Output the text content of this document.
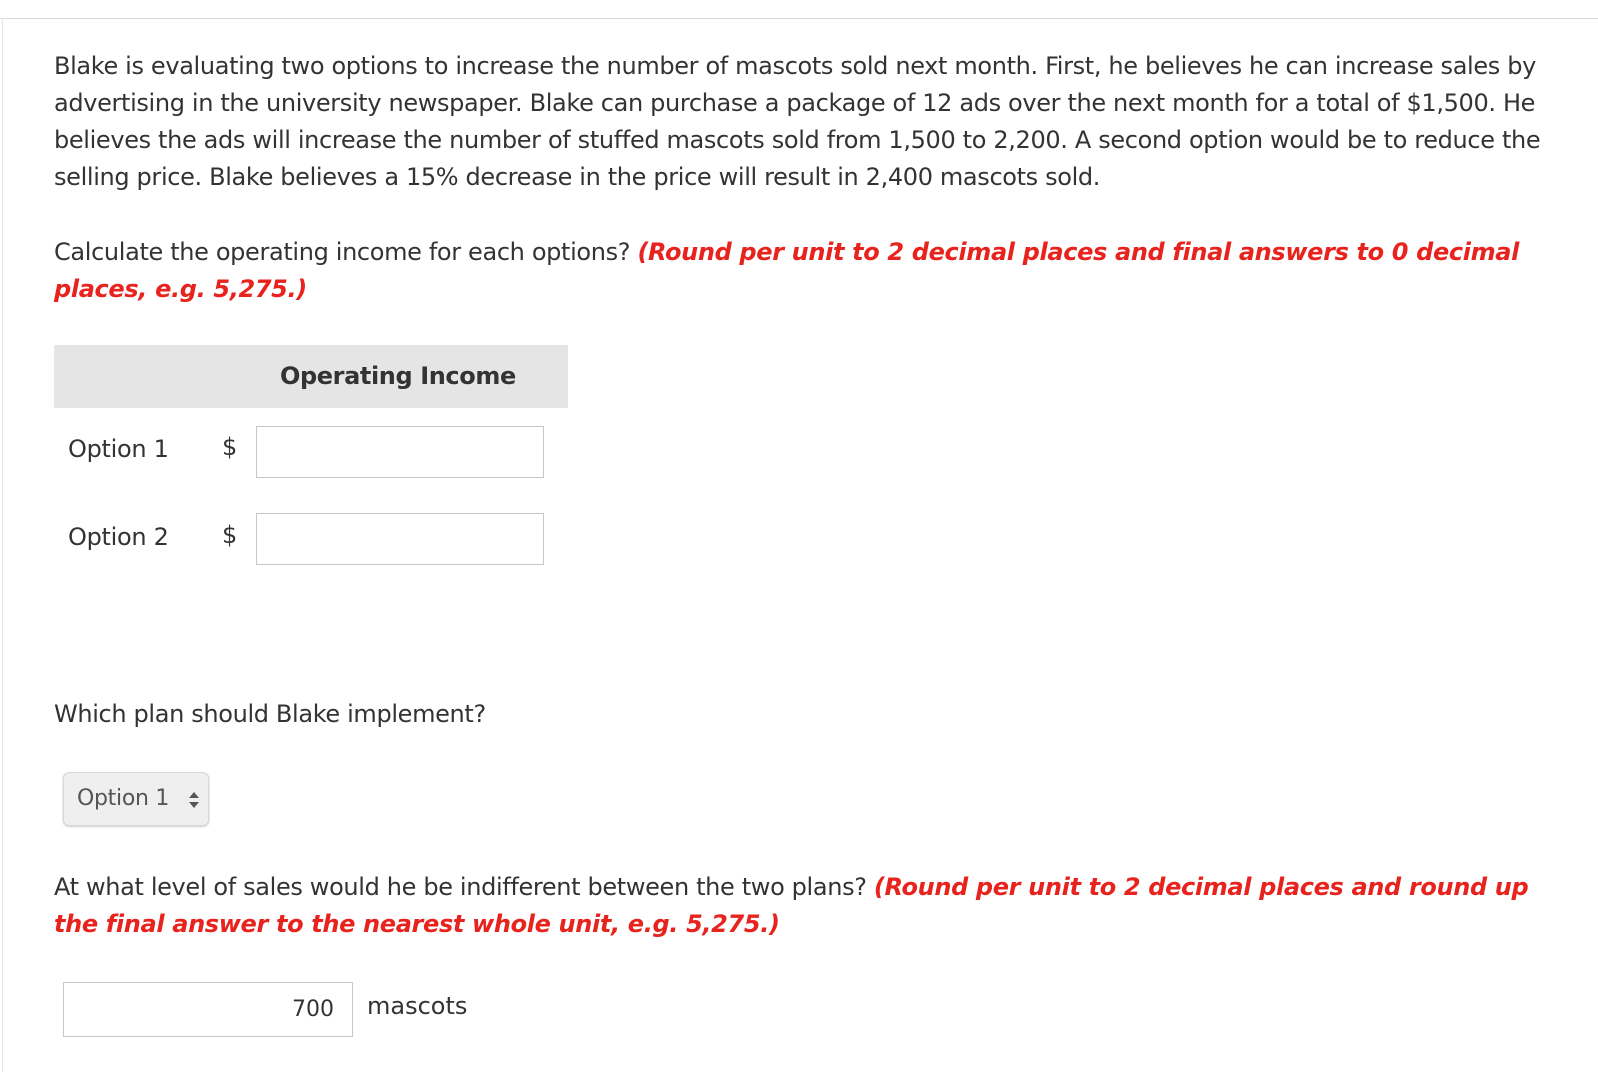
Blake is evaluating two options to increase the number of mascots sold next month. First, he believes he can increase sales by advertising in the university newspaper. Blake can purchase a package of 12 ads over the next month for a total of $1,500. He believes the ads will increase the number of stuffed mascots sold from 1,500 to 2,200. A second option would be to reduce the selling price. Blake believes a 15% decrease in the price will result in 2,400 mascots sold.

Calculate the operating income for each options? (Round per unit to 2 decimal places and final answers to 0 decimal places, e.g. 5,275.)

Operating Income
Option 1 $
Option 2 $

Which plan should Blake implement?

Option 1

At what level of sales would he be indifferent between the two plans? (Round per unit to 2 decimal places and round up the final answer to the nearest whole unit, e.g. 5,275.)

700 mascots
